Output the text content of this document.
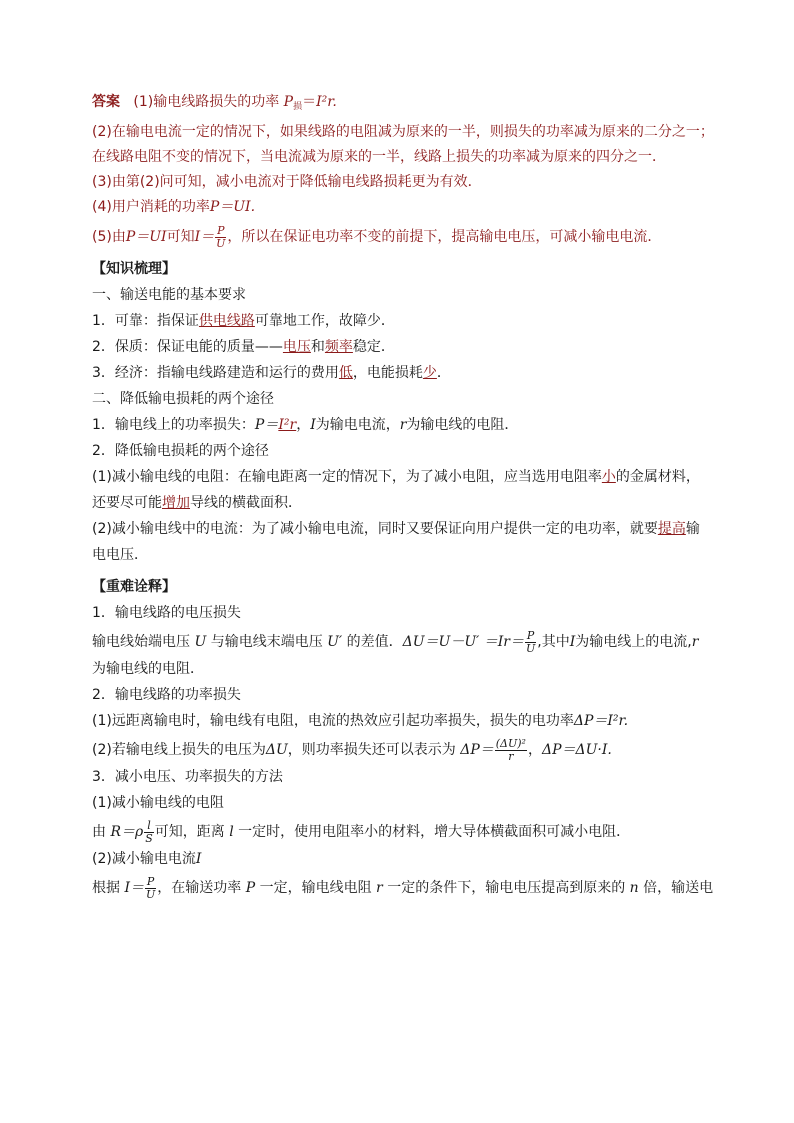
答案 (1)输电线路损失的功率 $P_损=I^2r$.

(2)在输电电流一定的情况下，如果线路的电阻减为原来的一半，则损失的功率减为原来的二分之一；

在线路电阻不变的情况下，当电流减为原来的一半，线路上损失的功率减为原来的四分之一．

(3)由第(2)问可知，减小电流对于降低输电线路损耗更为有效．

(4)用户消耗的功率P＝UI.

(5)由P＝UI可知$I= \frac{P}{U}$ ，所以在保证电功率不变的前提下，提高输电电压，可减小输电电流．

【知识梳理】

一、输送电能的基本要求

1．可靠：指保证供电线路可靠地工作，故障少．

2．保质：保证电能的质量——电压和频率稳定．

3．经济：指输电线路建造和运行的费用低，电能损耗少．

二、降低输电损耗的两个途径

1．输电线上的功率损失：P＝I²r，I为输电电流，r为输电线的电阻．

2．降低输电损耗的两个途径

(1)减小输电线的电阻：在输电距离一定的情况下，为了减小电阻，应当选用电阻率小的金属材料，

还要尽可能增加导线的横截面积．

(2)减小输电线中的电流：为了减小输电电流，同时又要保证向用户提供一定的电功率，就要提高输

电电压．

【重难诠释】

1．输电线路的电压损失

输电线始端电压 U 与输电线末端电压 U′ 的差值．$\Delta U=U-U' =Ir= \frac{P}{U}$ ,其中I为输电线上的电流,r

为输电线的电阻．

2．输电线路的功率损失

(1)远距离输电时，输电线有电阻，电流的热效应引起功率损失，损失的电功率ΔP＝I²r.

(2)若输电线上损失的电压为ΔU，则功率损失还可以表示为 $\Delta P= \frac{\text{(ΔU)²}}{r}$ ，ΔP＝ΔU·I.

3．减小电压、功率损失的方法

(1)减小输电线的电阻

由 $R=\rho \frac{l}{S}$ 可知，距离 l 一定时，使用电阻率小的材料，增大导体横截面积可减小电阻．

(2)减小输电电流I

根据 $I= \frac{P}{U}$ ，在输送功率 P 一定，输电线电阻 r 一定的条件下，输电电压提高到原来的 n 倍，输送电
